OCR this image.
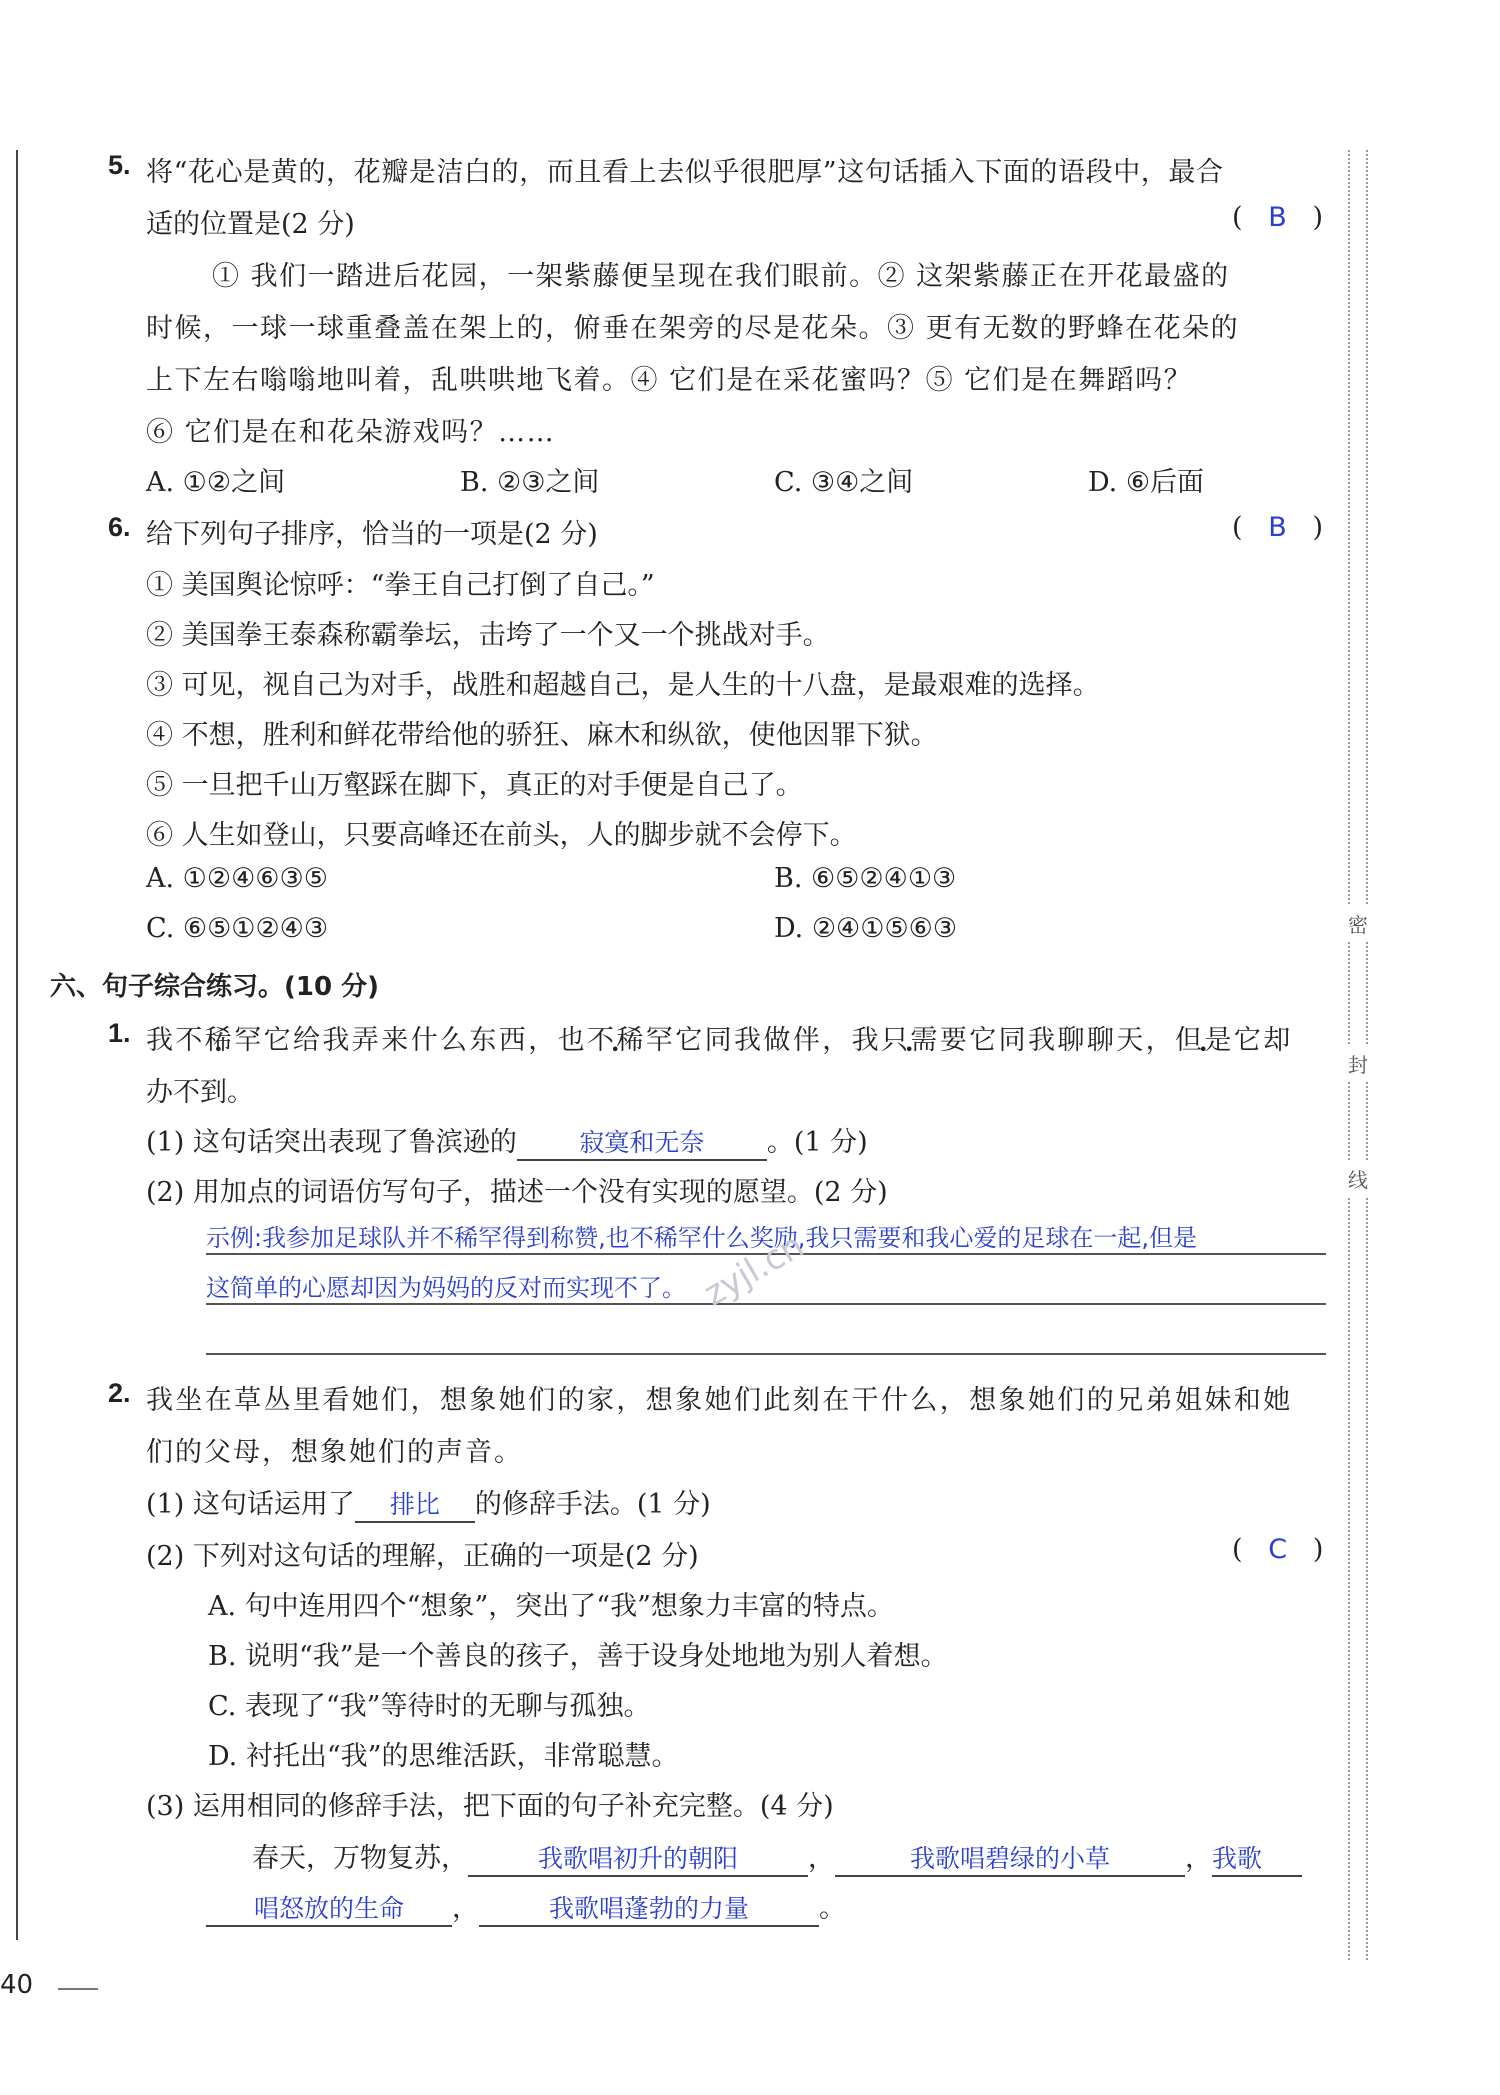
密
封
线
5. 将“花心是黄的，花瓣是洁白的，而且看上去似乎很肥厚”这句话插入下面的语段中，最合
适的位置是(2 分)	(   B   )
① 我们一踏进后花园，一架紫藤便呈现在我们眼前。② 这架紫藤正在开花最盛的
时候，一球一球重叠盖在架上的，俯垂在架旁的尽是花朵。③ 更有无数的野蜂在花朵的
上下左右嗡嗡地叫着，乱哄哄地飞着。④ 它们是在采花蜜吗？⑤ 它们是在舞蹈吗？
⑥ 它们是在和花朵游戏吗？……
A. ①②之间	B. ②③之间	C. ③④之间	D. ⑥后面
6. 给下列句子排序，恰当的一项是(2 分)	(   B   )
① 美国舆论惊呼：“拳王自己打倒了自己。”
② 美国拳王泰森称霸拳坛，击垮了一个又一个挑战对手。
③ 可见，视自己为对手，战胜和超越自己，是人生的十八盘，是最艰难的选择。
④ 不想，胜利和鲜花带给他的骄狂、麻木和纵欲，使他因罪下狱。
⑤ 一旦把千山万壑踩在脚下，真正的对手便是自己了。
⑥ 人生如登山，只要高峰还在前头，人的脚步就不会停下。
A. ①②④⑥③⑤	B. ⑥⑤②④①③
C. ⑥⑤①②④③	D. ②④①⑤⑥③
六、句子综合练习。(10 分)
1. 我不稀罕它给我弄来什么东西，也不稀罕它同我做伴，我只需要它同我聊聊天，但是它却
办不到。
(1) 这句话突出表现了鲁滨逊的 寂寞和无奈 。(1 分)
(2) 用加点的词语仿写句子，描述一个没有实现的愿望。(2 分)
示例:我参加足球队并不稀罕得到称赞,也不稀罕什么奖励,我只需要和我心爱的足球在一起,但是
这简单的心愿却因为妈妈的反对而实现不了。 zyjl.cn
2. 我坐在草丛里看她们，想象她们的家，想象她们此刻在干什么，想象她们的兄弟姐妹和她
们的父母，想象她们的声音。
(1) 这句话运用了 排比 的修辞手法。(1 分)
(2) 下列对这句话的理解，正确的一项是(2 分)	(   C   )
A. 句中连用四个“想象”，突出了“我”想象力丰富的特点。
B. 说明“我”是一个善良的孩子，善于设身处地地为别人着想。
C. 表现了“我”等待时的无聊与孤独。
D. 衬托出“我”的思维活跃，非常聪慧。
(3) 运用相同的修辞手法，把下面的句子补充完整。(4 分)
春天，万物复苏，	我歌唱初升的朝阳	，	我歌唱碧绿的小草	，我歌
唱怒放的生命 ，	我歌唱蓬勃的力量	。
40
